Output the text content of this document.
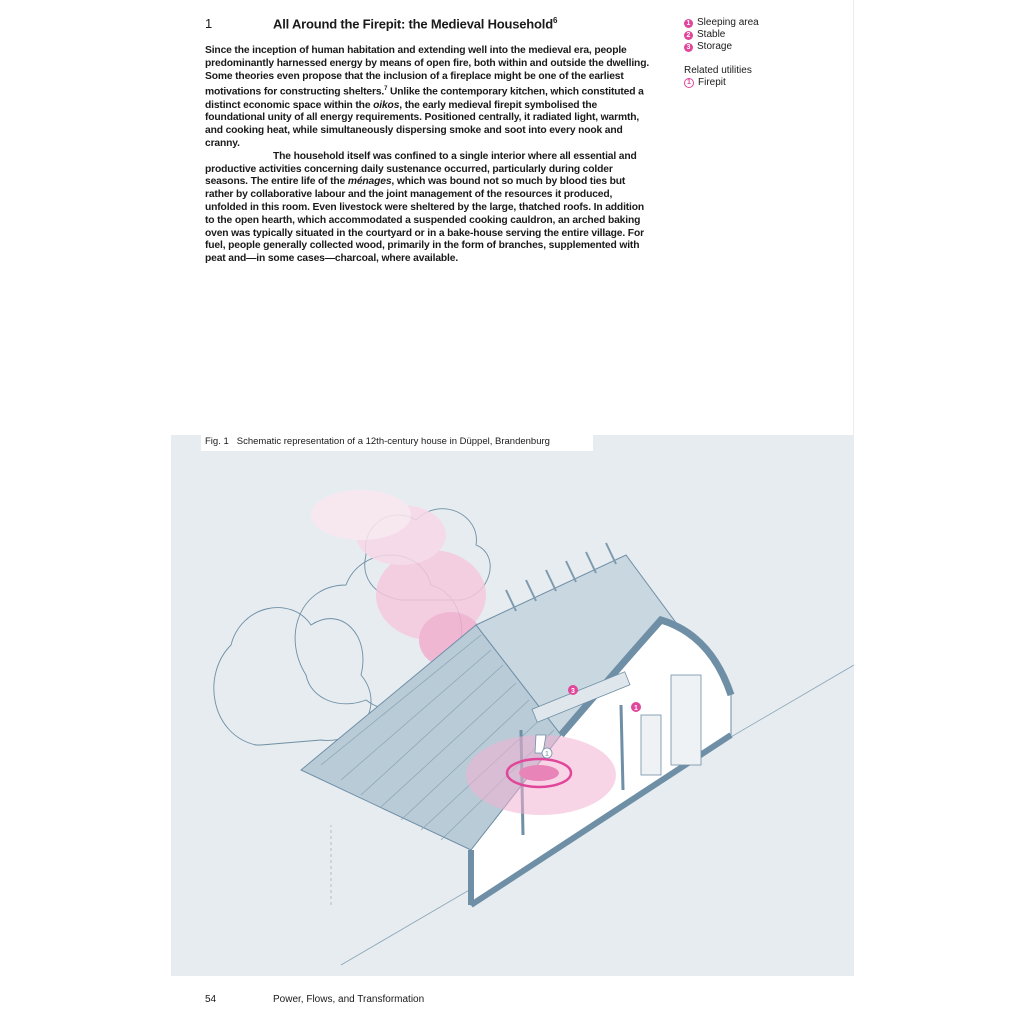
1	All Around the Firepit: the Medieval Household$^6$

Since the inception of human habitation and extending well into the medieval era, people predominantly harnessed energy by means of open fire, both within and outside the dwelling. Some theories even propose that the inclusion of a fireplace might be one of the earliest motivations for constructing shelters.$^7$ Unlike the contemporary kitchen, which constituted a distinct economic space within the oikos, the early medieval firepit symbolised the foundational unity of all energy requirements. Positioned centrally, it radiated light, warmth, and cooking heat, while simultaneously dispersing smoke and soot into every nook and cranny.

The household itself was confined to a single interior where all essential and productive activities concerning daily sustenance occurred, particularly during colder seasons. The entire life of the ménages, which was bound not so much by blood ties but rather by collaborative labour and the joint management of the resources it produced, unfolded in this room. Even livestock were sheltered by the large, thatched roofs. In addition to the open hearth, which accommodated a suspended cooking cauldron, an arched baking oven was typically situated in the courtyard or in a bake-house serving the entire village. For fuel, people generally collected wood, primarily in the form of branches, supplemented with peat and—in some cases—charcoal, where available.

1 Sleeping area
2 Stable
3 Storage
Related utilities
1 Firepit
3
1
1
Fig. 1 Schematic representation of a 12th-century house in Düppel, Brandenburg
54	Power, Flows, and Transformation
